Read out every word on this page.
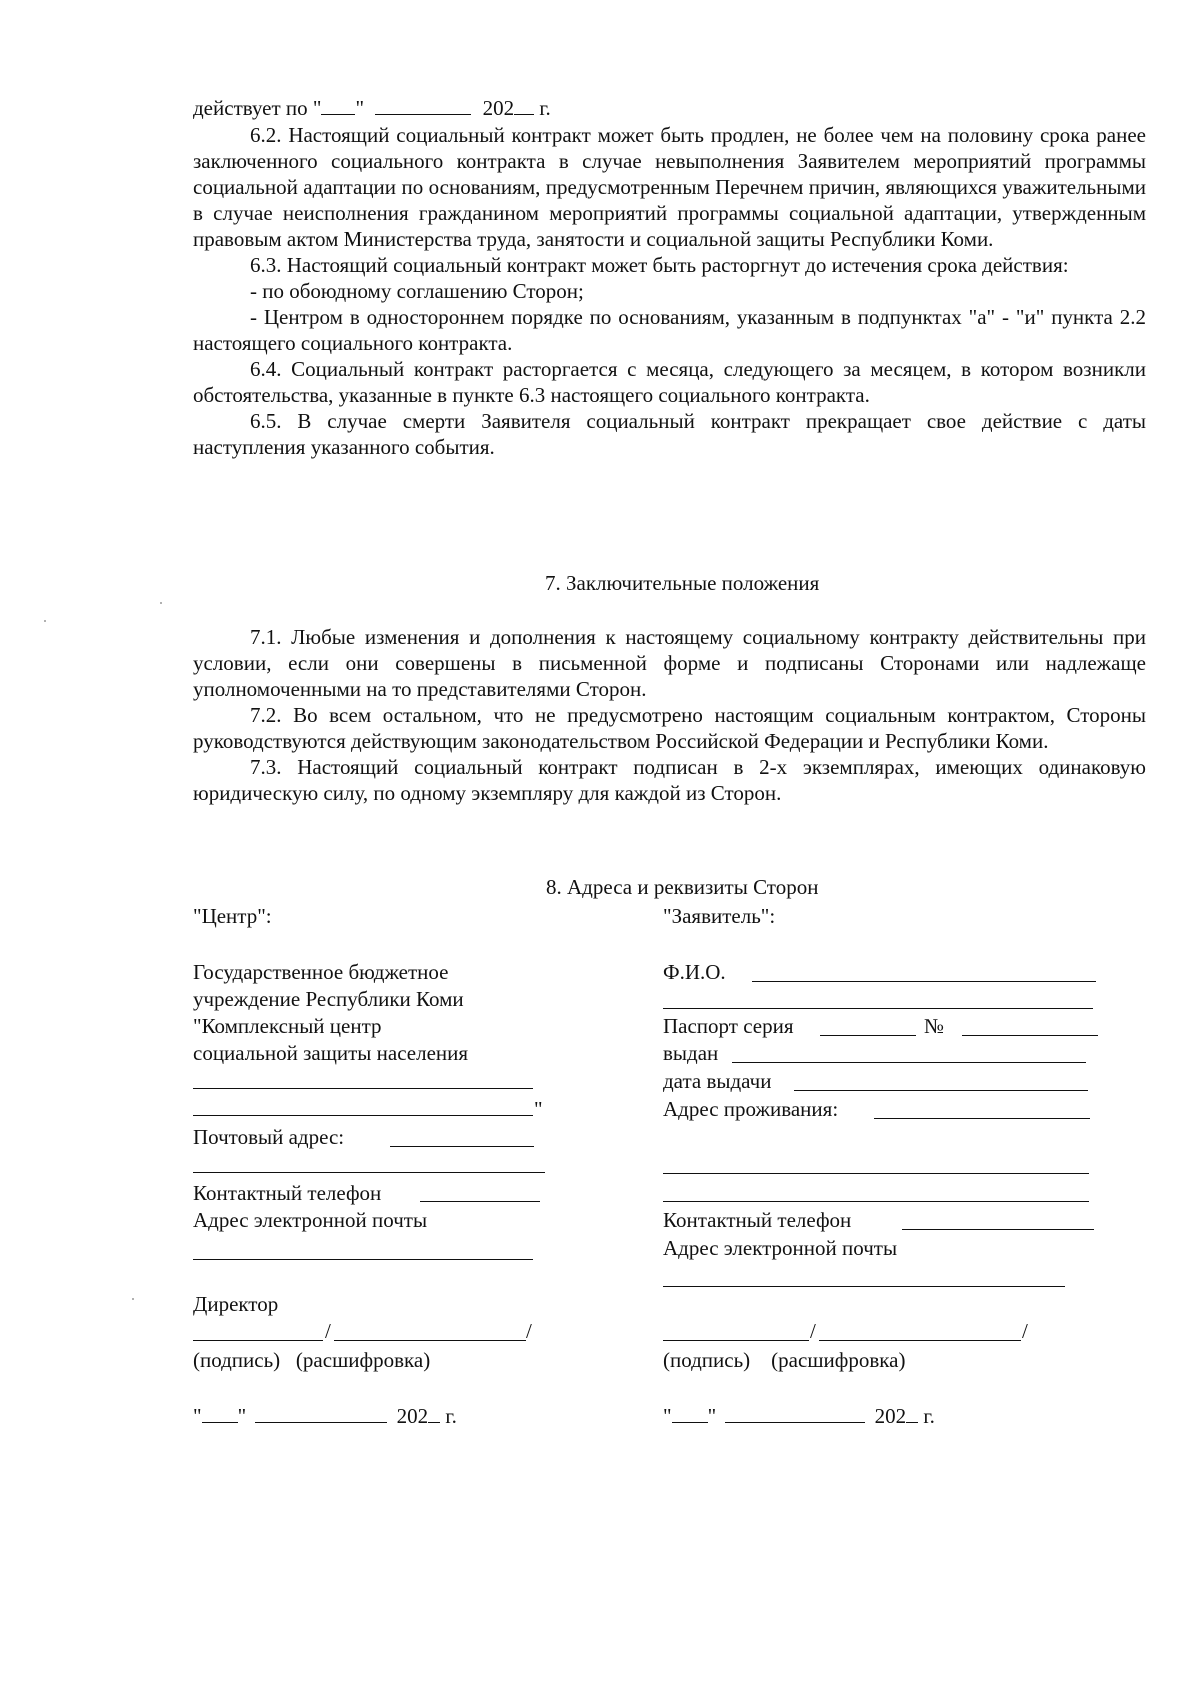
действует по " "	202 г.

6.2. Настоящий социальный контракт может быть продлен, не более чем на половину срока ранее заключенного социального контракта в случае невыполнения Заявителем мероприятий программы социальной адаптации по основаниям, предусмотренным Перечнем причин, являющихся уважительными в случае неисполнения гражданином мероприятий программы социальной адаптации, утвержденным правовым актом Министерства труда, занятости и социальной защиты Республики Коми.

6.3. Настоящий социальный контракт может быть расторгнут до истечения срока действия:

- по обоюдному соглашению Сторон;

- Центром в одностороннем порядке по основаниям, указанным в подпунктах "а" - "и" пункта 2.2 настоящего социального контракта.

6.4. Социальный контракт расторгается с месяца, следующего за месяцем, в котором возникли обстоятельства, указанные в пункте 6.3 настоящего социального контракта.

6.5. В случае смерти Заявителя социальный контракт прекращает свое действие с даты наступления указанного события.

7. Заключительные положения

7.1. Любые изменения и дополнения к настоящему социальному контракту действительны при условии, если они совершены в письменной форме и подписаны Сторонами или надлежаще уполномоченными на то представителями Сторон.

7.2. Во всем остальном, что не предусмотрено настоящим социальным контрактом, Стороны руководствуются действующим законодательством Российской Федерации и Республики Коми.

7.3. Настоящий социальный контракт подписан в 2-х экземплярах, имеющих одинаковую юридическую силу, по одному экземпляру для каждой из Сторон.

8. Адреса и реквизиты Сторон
"Центр":
Государственное бюджетное
учреждение Республики Коми
"Комплексный центр
социальной защиты населения
"
Почтовый адрес:
Контактный телефон
Адрес электронной почты
Директор
/	/
(подпись)   (расшифровка)
" "	202 г.
"Заявитель":
Ф.И.О.
Паспорт серия	№
выдан
дата выдачи
Адрес проживания:
Контактный телефон
Адрес электронной почты
/	/
(подпись)    (расшифровка)
" "	202 г.
